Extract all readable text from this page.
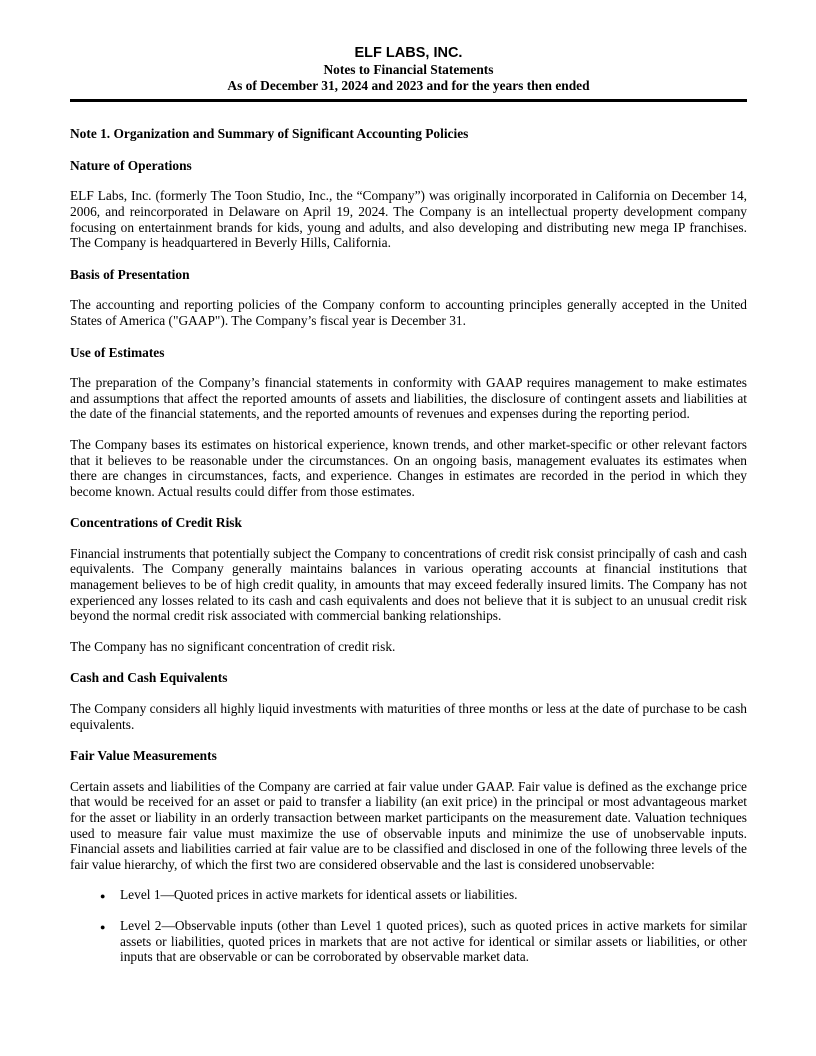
ELF LABS, INC.
Notes to Financial Statements
As of December 31, 2024 and 2023 and for the years then ended
Note 1. Organization and Summary of Significant Accounting Policies
Nature of Operations

ELF Labs, Inc. (formerly The Toon Studio, Inc., the “Company”) was originally incorporated in California on December 14, 2006, and reincorporated in Delaware on April 19, 2024. The Company is an intellectual property development company focusing on entertainment brands for kids, young and adults, and also developing and distributing new mega IP franchises. The Company is headquartered in Beverly Hills, California.

Basis of Presentation

The accounting and reporting policies of the Company conform to accounting principles generally accepted in the United States of America ("GAAP"). The Company’s fiscal year is December 31.

Use of Estimates

The preparation of the Company’s financial statements in conformity with GAAP requires management to make estimates and assumptions that affect the reported amounts of assets and liabilities, the disclosure of contingent assets and liabilities at the date of the financial statements, and the reported amounts of revenues and expenses during the reporting period.

The Company bases its estimates on historical experience, known trends, and other market-specific or other relevant factors that it believes to be reasonable under the circumstances. On an ongoing basis, management evaluates its estimates when there are changes in circumstances, facts, and experience. Changes in estimates are recorded in the period in which they become known. Actual results could differ from those estimates.

Concentrations of Credit Risk

Financial instruments that potentially subject the Company to concentrations of credit risk consist principally of cash and cash equivalents. The Company generally maintains balances in various operating accounts at financial institutions that management believes to be of high credit quality, in amounts that may exceed federally insured limits. The Company has not experienced any losses related to its cash and cash equivalents and does not believe that it is subject to an unusual credit risk beyond the normal credit risk associated with commercial banking relationships.

The Company has no significant concentration of credit risk.

Cash and Cash Equivalents

The Company considers all highly liquid investments with maturities of three months or less at the date of purchase to be cash equivalents.

Fair Value Measurements

Certain assets and liabilities of the Company are carried at fair value under GAAP. Fair value is defined as the exchange price that would be received for an asset or paid to transfer a liability (an exit price) in the principal or most advantageous market for the asset or liability in an orderly transaction between market participants on the measurement date. Valuation techniques used to measure fair value must maximize the use of observable inputs and minimize the use of unobservable inputs. Financial assets and liabilities carried at fair value are to be classified and disclosed in one of the following three levels of the fair value hierarchy, of which the first two are considered observable and the last is considered unobservable:

● Level 1—Quoted prices in active markets for identical assets or liabilities.
● Level 2—Observable inputs (other than Level 1 quoted prices), such as quoted prices in active markets for similar assets or liabilities, quoted prices in markets that are not active for identical or similar assets or liabilities, or other inputs that are observable or can be corroborated by observable market data.
